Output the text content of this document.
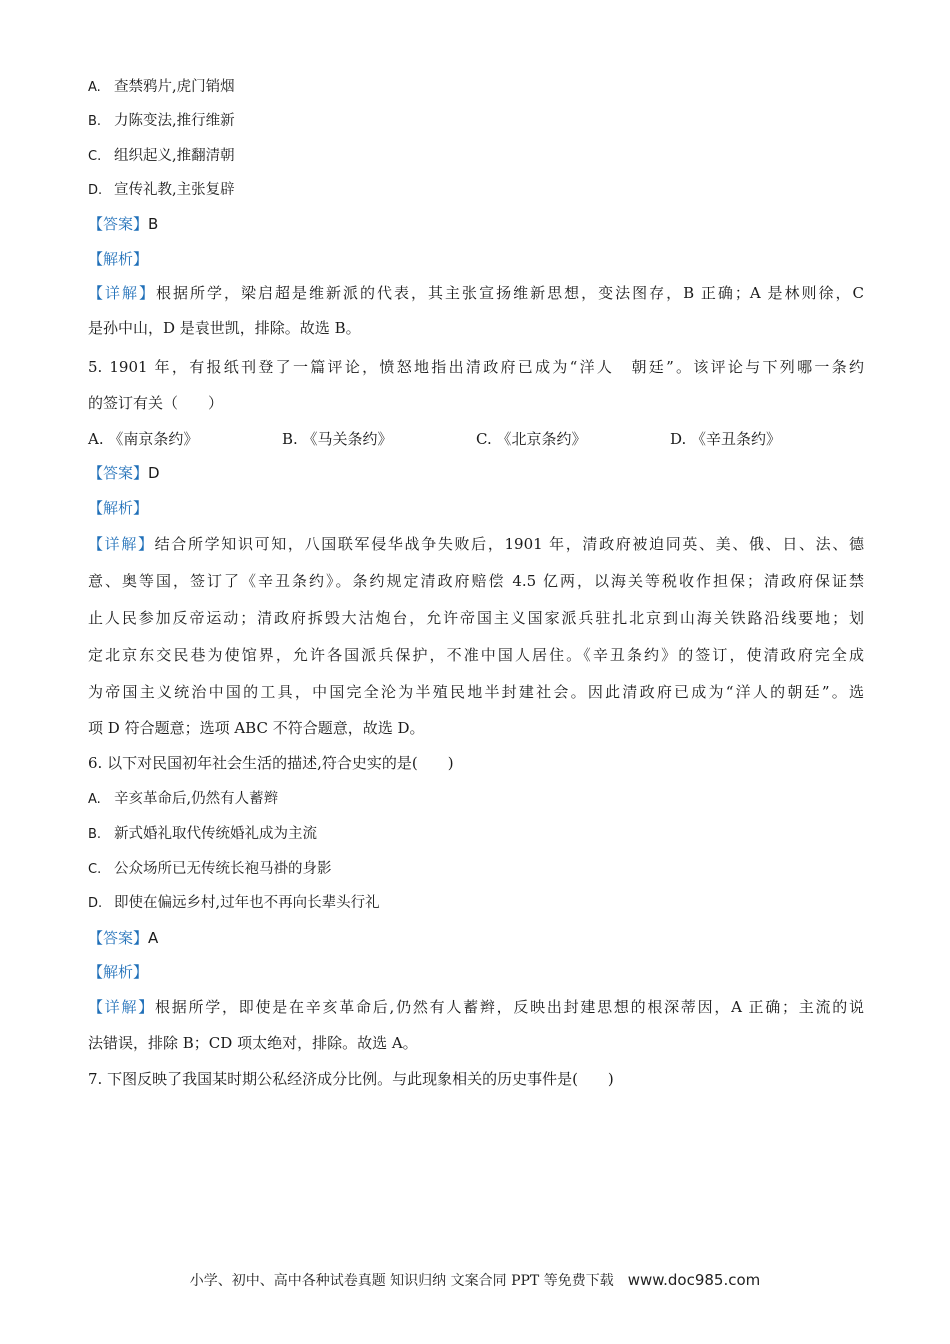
A. 查禁鸦片,虎门销烟
B. 力陈变法,推行维新
C. 组织起义,推翻清朝
D. 宣传礼教,主张复辟
【答案】B
【解析】
【详解】根据所学，梁启超是维新派的代表，其主张宣扬维新思想，变法图存，B 正确；A 是林则徐，C
是孙中山，D 是袁世凯，排除。故选 B。
5. 1901 年，有报纸刊登了一篇评论，愤怒地指出清政府已成为“洋人　朝廷”。该评论与下列哪一条约
的签订有关（　　）
A. 《南京条约》	B. 《马关条约》	C. 《北京条约》	D. 《辛丑条约》
【答案】D
【解析】
【详解】结合所学知识可知，八国联军侵华战争失败后，1901 年，清政府被迫同英、美、俄、日、法、德
意、奥等国，签订了《辛丑条约》。条约规定清政府赔偿 4.5 亿两，以海关等税收作担保；清政府保证禁
止人民参加反帝运动；清政府拆毁大沽炮台，允许帝国主义国家派兵驻扎北京到山海关铁路沿线要地；划
定北京东交民巷为使馆界，允许各国派兵保护，不准中国人居住。《辛丑条约》的签订，使清政府完全成
为帝国主义统治中国的工具，中国完全沦为半殖民地半封建社会。因此清政府已成为“洋人的朝廷”。选
项 D 符合题意；选项 ABC 不符合题意，故选 D。
6. 以下对民国初年社会生活的描述,符合史实的是(　　)
A. 辛亥革命后,仍然有人蓄辫
B. 新式婚礼取代传统婚礼成为主流
C. 公众场所已无传统长袍马褂的身影
D. 即使在偏远乡村,过年也不再向长辈头行礼
【答案】A
【解析】
【详解】根据所学，即使是在辛亥革命后,仍然有人蓄辫，反映出封建思想的根深蒂因，A 正确；主流的说
法错误，排除 B；CD 项太绝对，排除。故选 A。
7. 下图反映了我国某时期公私经济成分比例。与此现象相关的历史事件是(　　)
小学、初中、高中各种试卷真题 知识归纳 文案合同 PPT 等免费下载 www.doc985.com
